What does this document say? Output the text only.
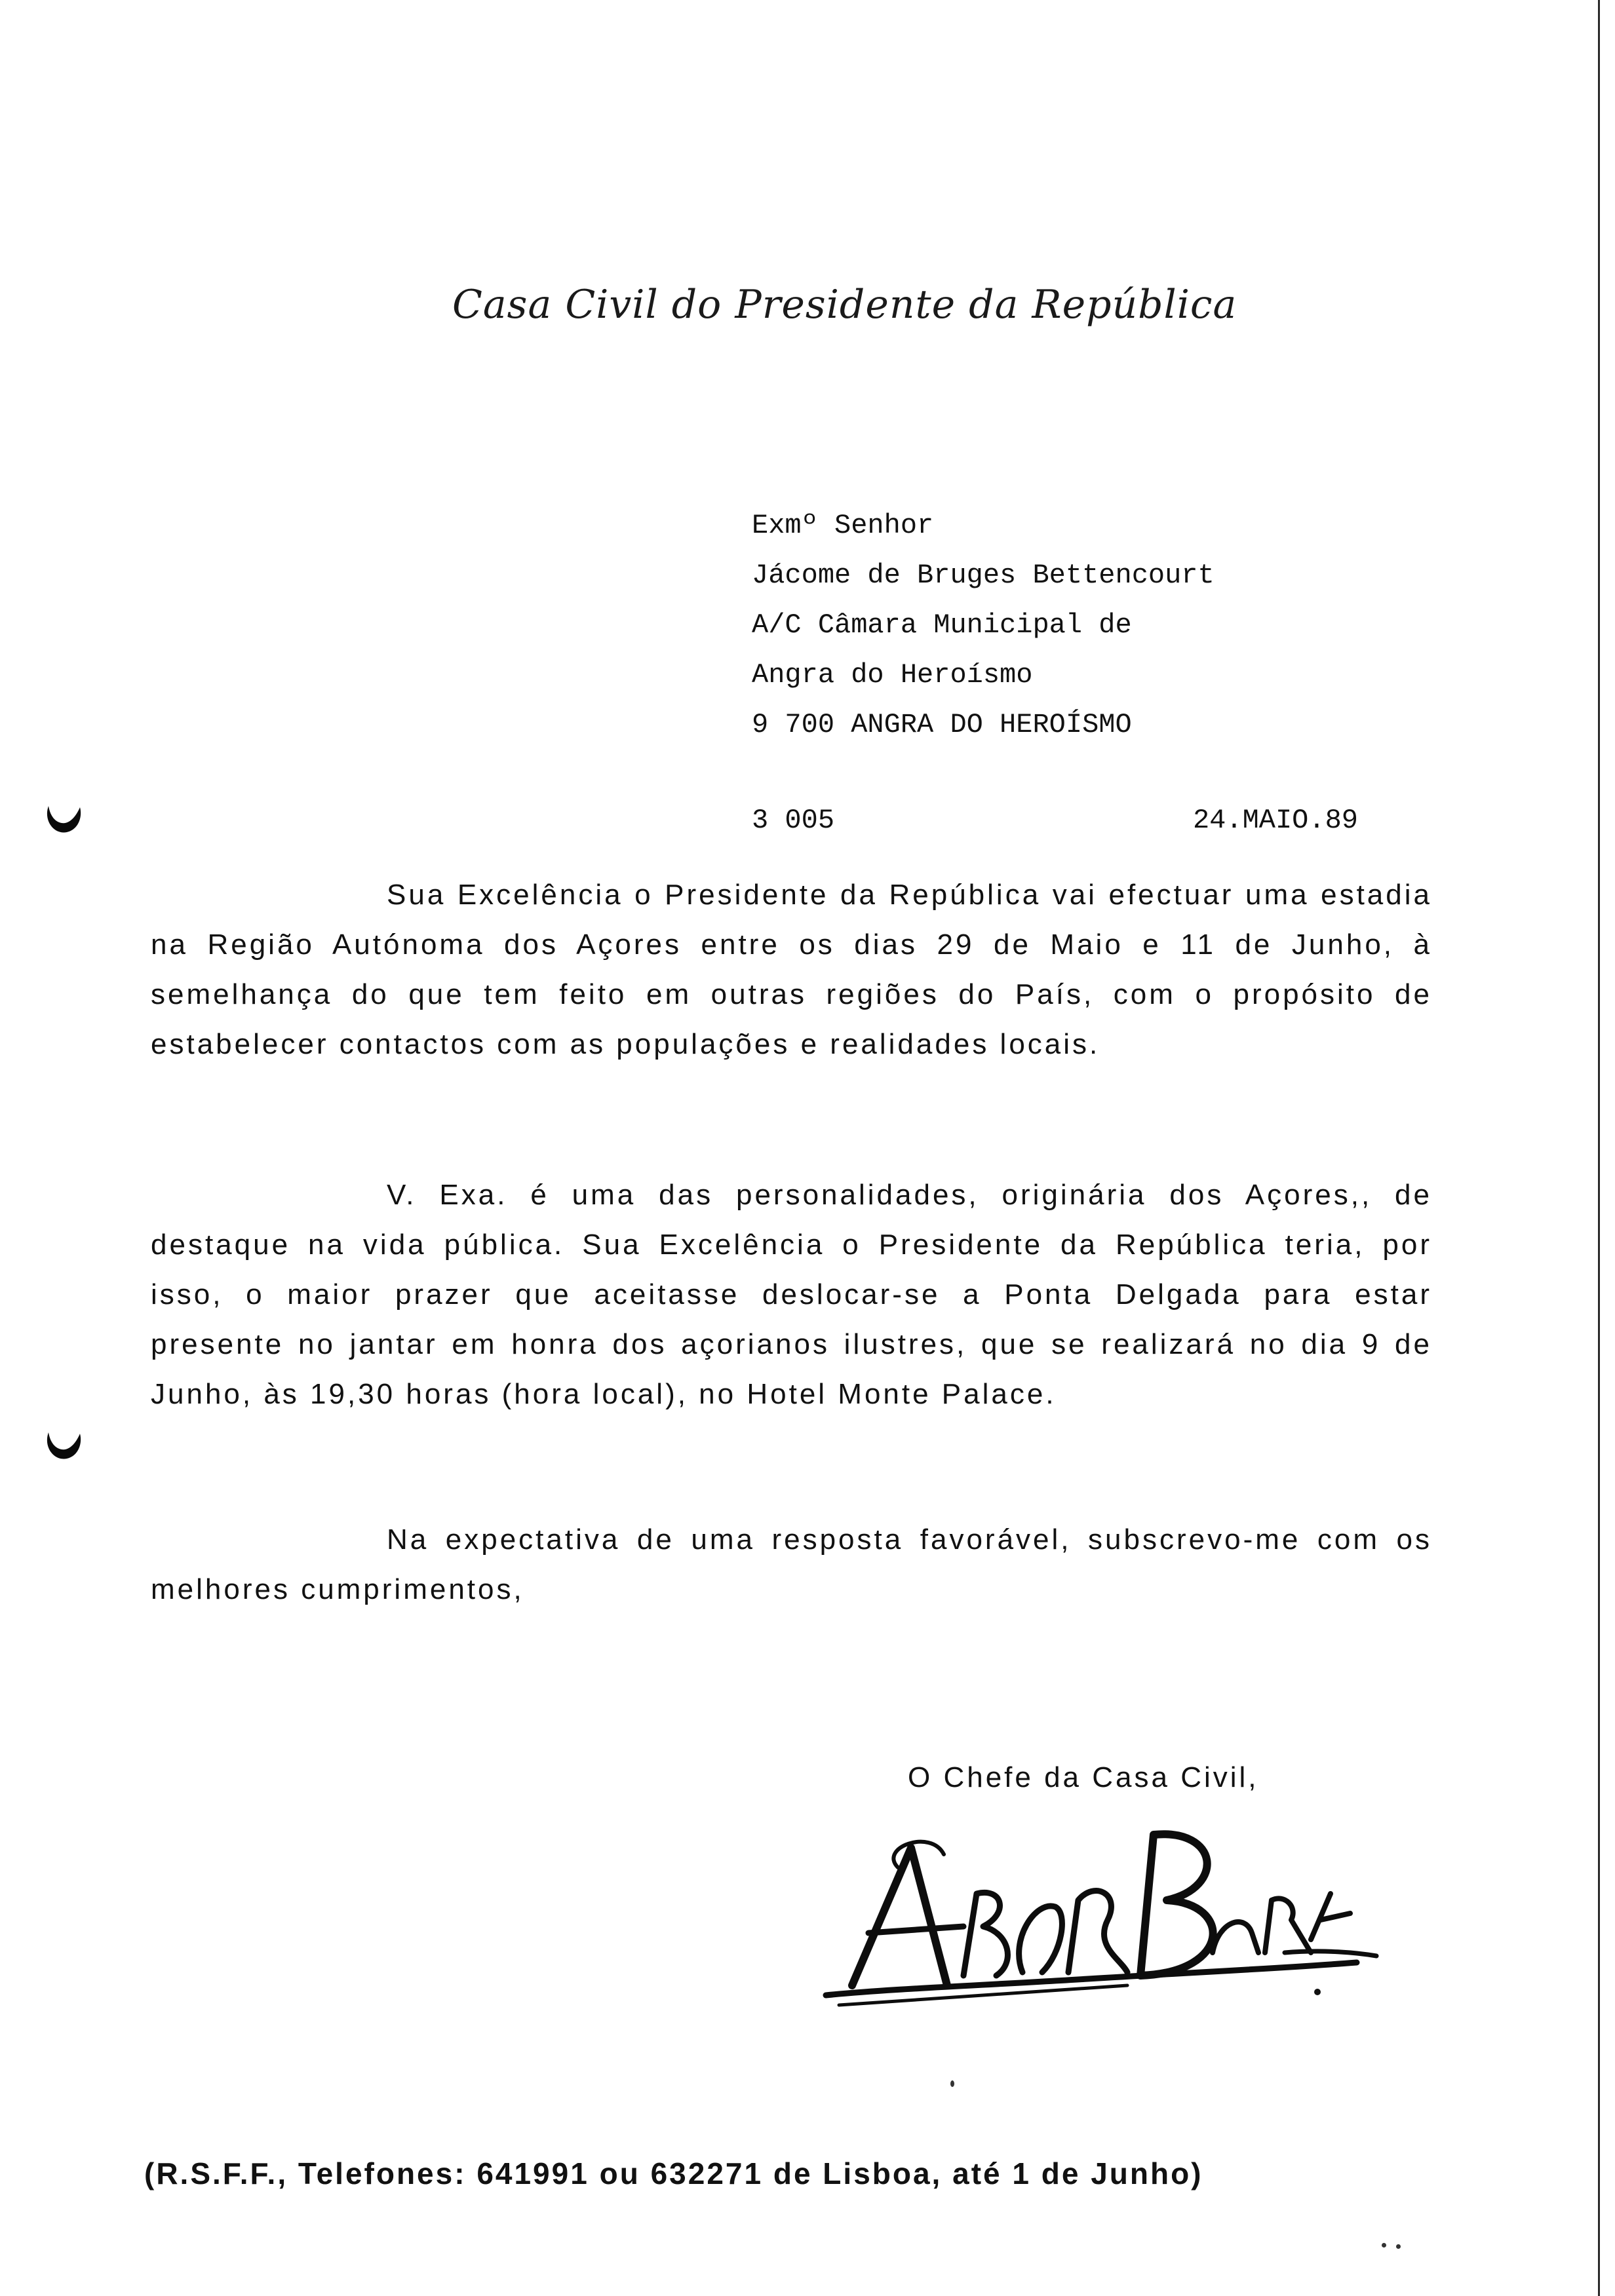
Casa Civil do Presidente da República
Exmº Senhor
Jácome de Bruges Bettencourt
A/C Câmara Municipal de
Angra do Heroísmo
9 700 ANGRA DO HEROÍSMO
3 005	24.MAIO.89
Sua Excelência o Presidente da República vai efectuar uma estadia na Região Autónoma dos Açores entre os dias 29 de Maio e 11 de Junho, à semelhança do que tem feito em outras regiões do País, com o propósito de estabelecer contactos com as populações e realidades locais.
V. Exa. é uma das personalidades, originária dos Açores,, de destaque na vida pública. Sua Excelência o Presidente da República teria, por isso, o maior prazer que aceitasse deslocar-se a Ponta Delgada para estar presente no jantar em honra dos açorianos ilustres, que se realizará no dia 9 de Junho, às 19,30 horas (hora local), no Hotel Monte Palace.
Na expectativa de uma resposta favorável, subscrevo-me com os melhores cumprimentos,
O Chefe da Casa Civil,
(R.S.F.F., Telefones: 641991 ou 632271 de Lisboa, até 1 de Junho)
